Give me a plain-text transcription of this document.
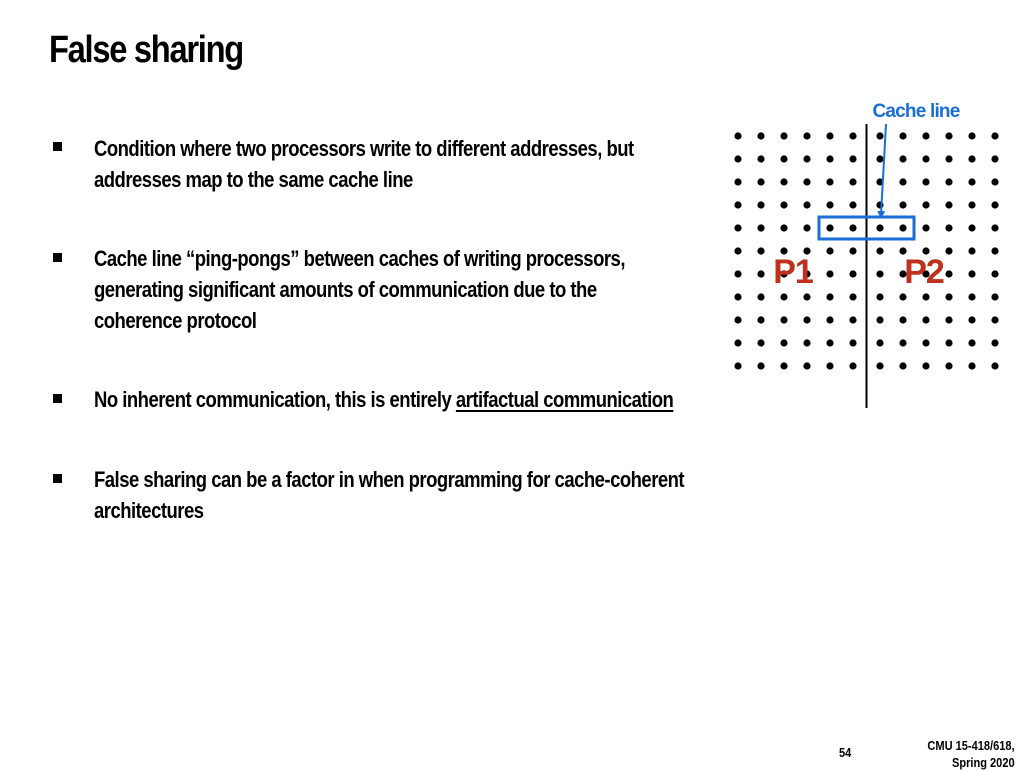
False sharing
Condition where two processors write to different addresses, but
addresses map to the same cache line
Cache line “ping-pongs” between caches of writing processors,
generating significant amounts of communication due to the
coherence protocol
No inherent communication, this is entirely artifactual communication
False sharing can be a factor in when programming for cache-coherent
architectures
Cache line
P1	P2
54	CMU 15-418/618,
Spring 2020
